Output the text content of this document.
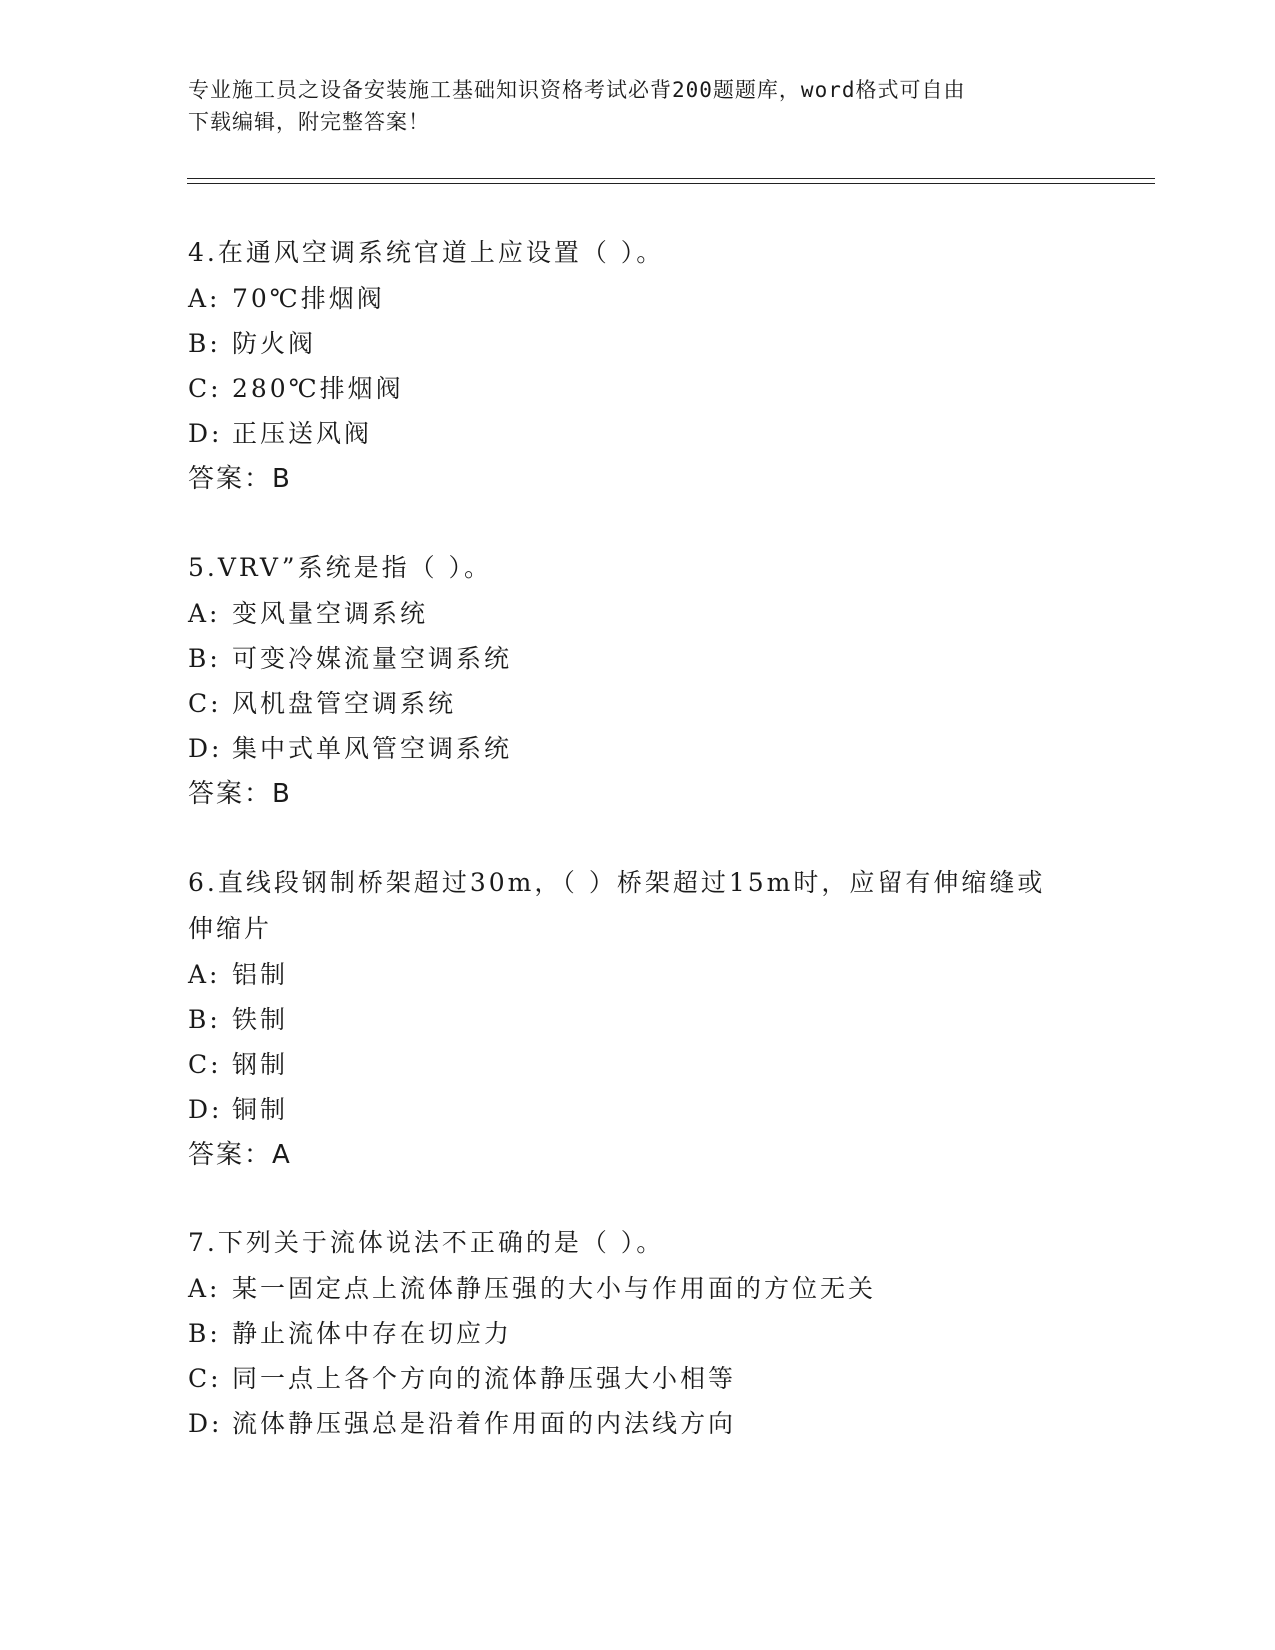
专业施工员之设备安装施工基础知识资格考试必背200题题库，word格式可自由
下载编辑，附完整答案！

4.在通风空调系统官道上应设置（ ）。

A: 70℃排烟阀
B: 防火阀
C: 280℃排烟阀
D: 正压送风阀
答案：B

5.VRV”系统是指（ ）。

A: 变风量空调系统
B: 可变冷媒流量空调系统
C: 风机盘管空调系统
D: 集中式单风管空调系统
答案：B

6.直线段钢制桥架超过30m，（ ）桥架超过15m时，应留有伸缩缝或伸缩片

A: 铝制
B: 铁制
C: 钢制
D: 铜制
答案：A

7.下列关于流体说法不正确的是（ ）。

A: 某一固定点上流体静压强的大小与作用面的方位无关
B: 静止流体中存在切应力
C: 同一点上各个方向的流体静压强大小相等
D: 流体静压强总是沿着作用面的内法线方向
